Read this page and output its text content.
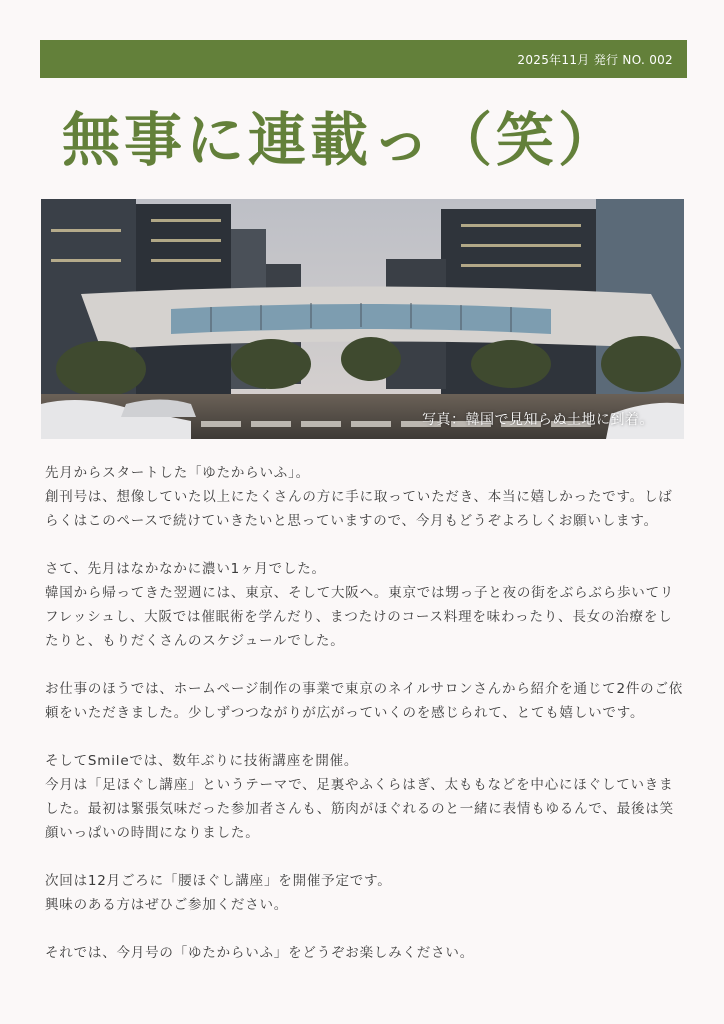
2025年11月 発行 NO. 002
無事に連載っ（笑）
写真：韓国で見知らぬ土地に到着。

先月からスタートした「ゆたからいふ」。
創刊号は、想像していた以上にたくさんの方に手に取っていただき、本当に嬉しかったです。しばらくはこのペースで続けていきたいと思っていますので、今月もどうぞよろしくお願いします。

さて、先月はなかなかに濃い1ヶ月でした。
韓国から帰ってきた翌週には、東京、そして大阪へ。東京では甥っ子と夜の街をぶらぶら歩いてリフレッシュし、大阪では催眠術を学んだり、まつたけのコース料理を味わったり、長女の治療をしたりと、もりだくさんのスケジュールでした。

お仕事のほうでは、ホームページ制作の事業で東京のネイルサロンさんから紹介を通じて2件のご依頼をいただきました。少しずつつながりが広がっていくのを感じられて、とても嬉しいです。

そしてSmileでは、数年ぶりに技術講座を開催。
今月は「足ほぐし講座」というテーマで、足裏やふくらはぎ、太ももなどを中心にほぐしていきました。最初は緊張気味だった参加者さんも、筋肉がほぐれるのと一緒に表情もゆるんで、最後は笑顔いっぱいの時間になりました。

次回は12月ごろに「腰ほぐし講座」を開催予定です。
興味のある方はぜひご参加ください。

それでは、今月号の「ゆたからいふ」をどうぞお楽しみください。
